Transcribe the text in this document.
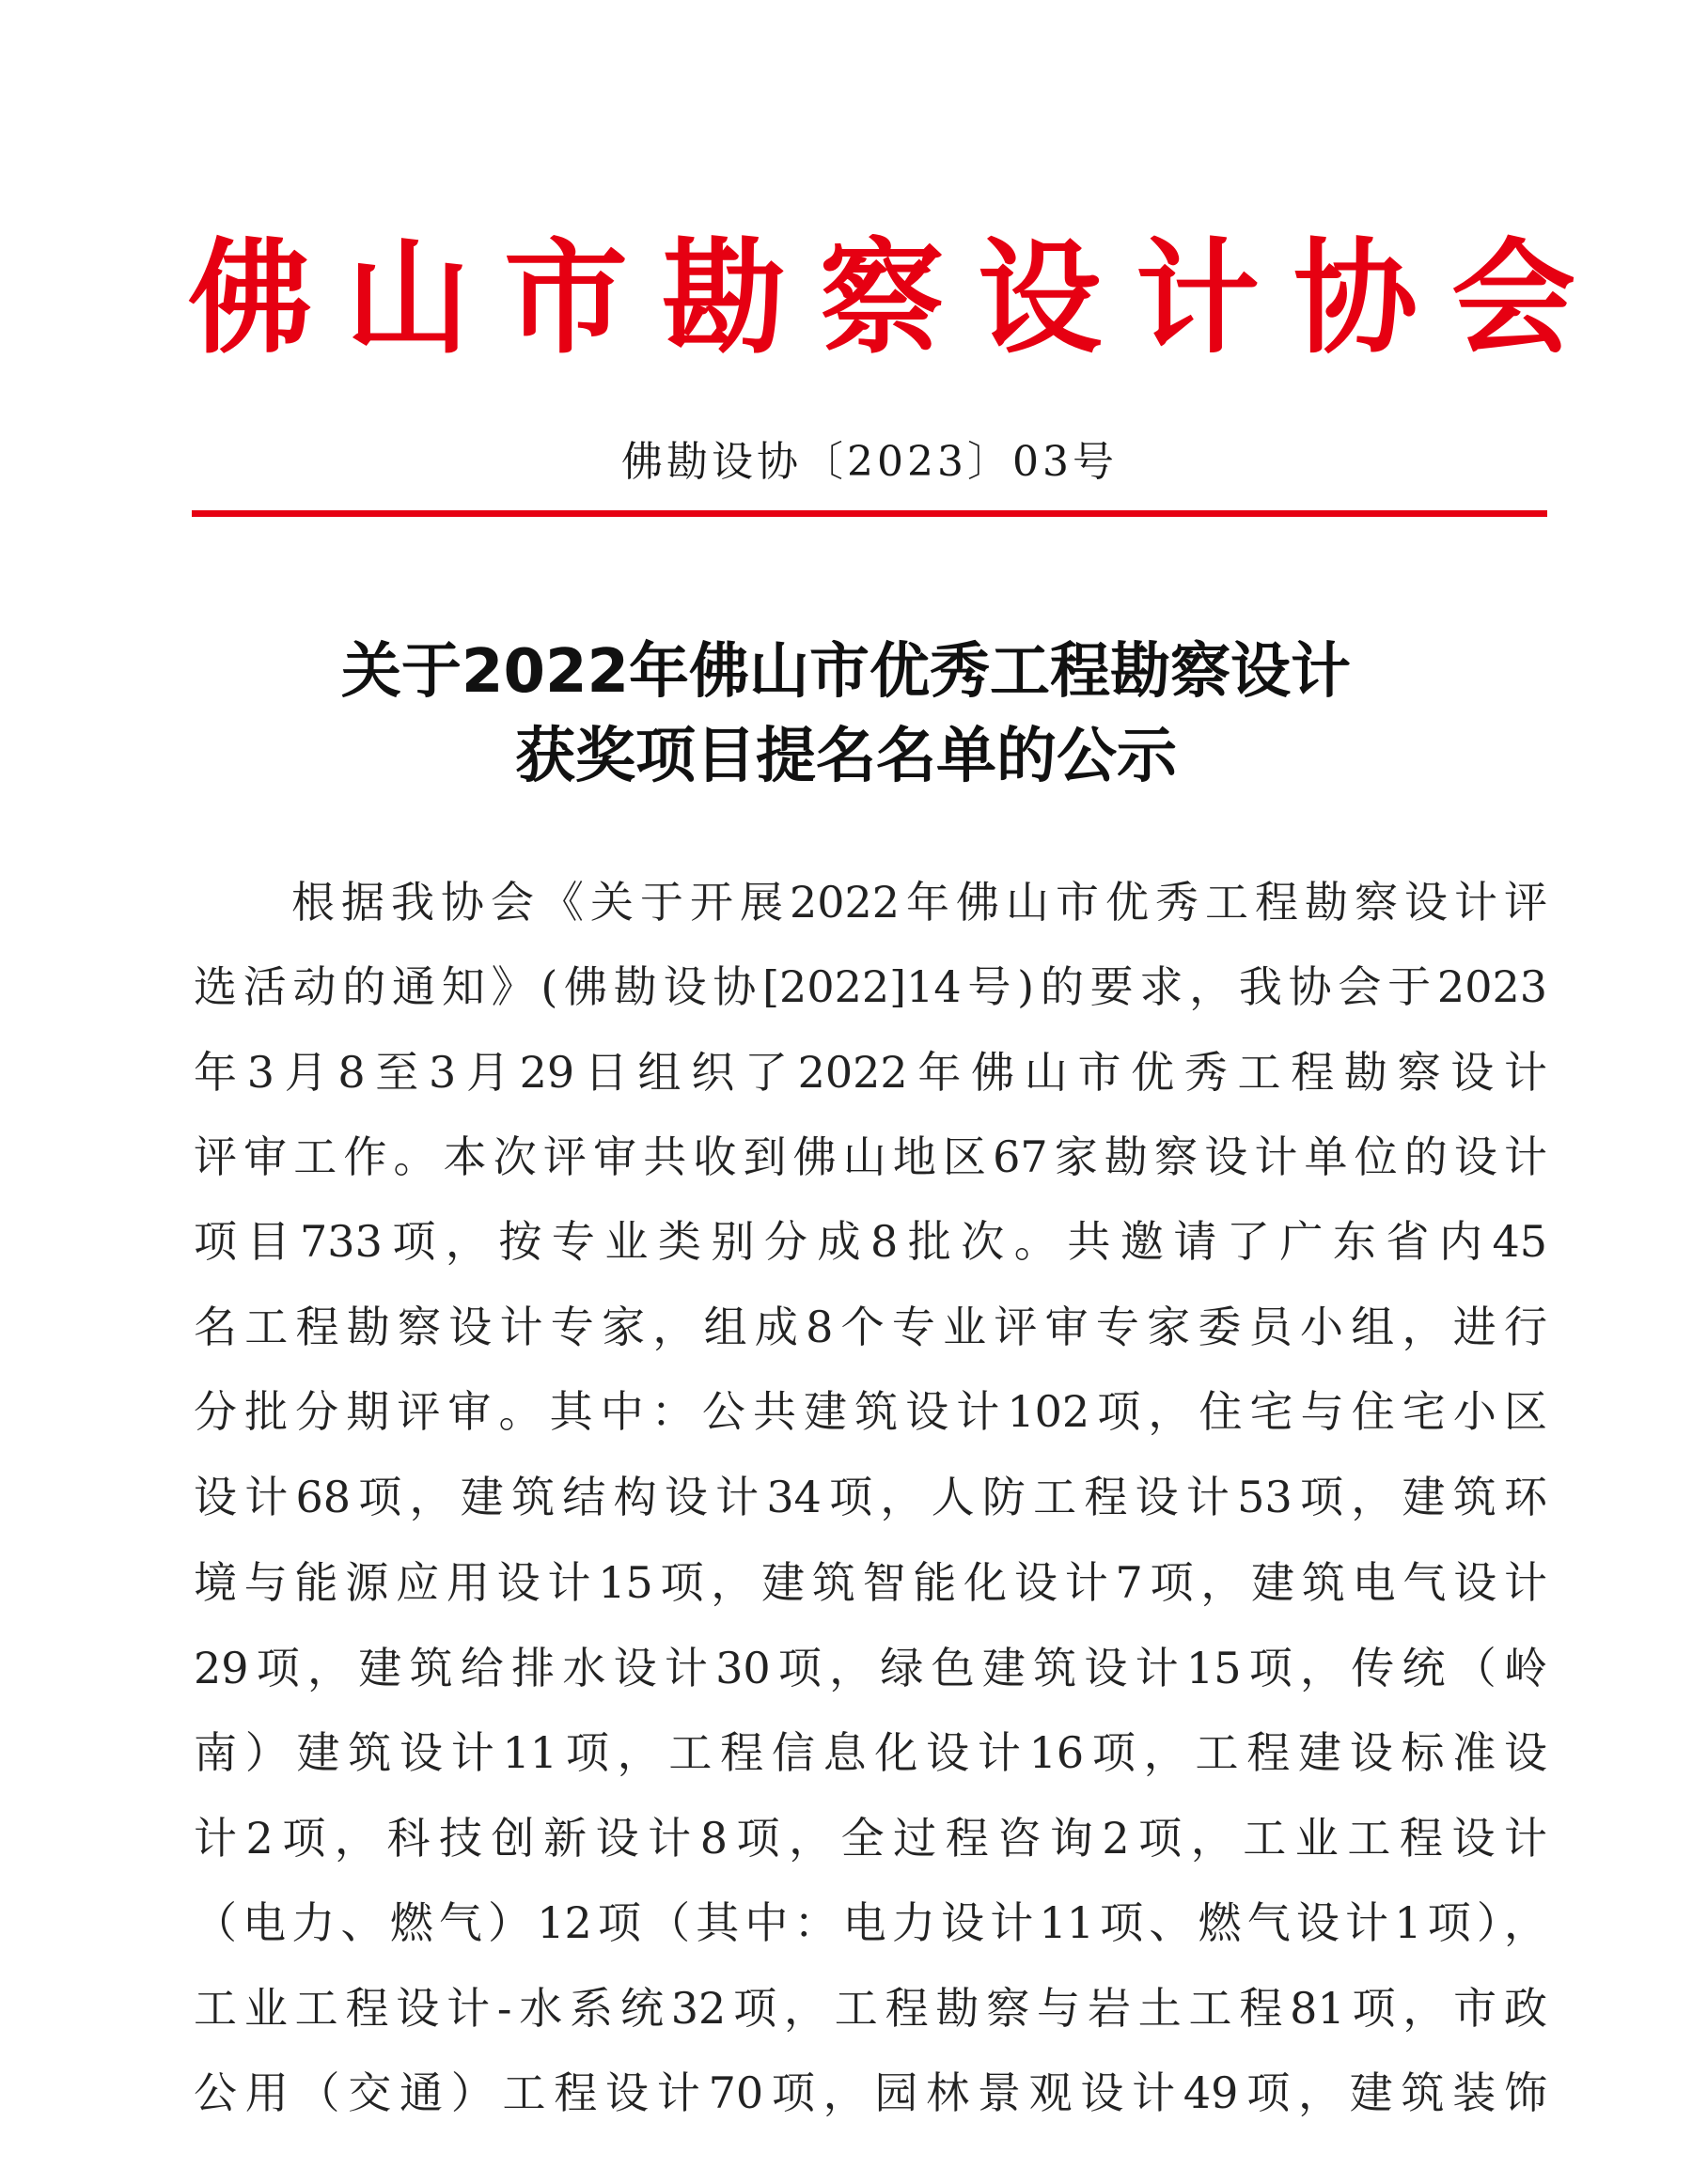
佛山市勘察设计协会
佛勘设协〔2023〕03号
关于2022年佛山市优秀工程勘察设计
获奖项目提名名单的公示
根据我协会《关于开展2022年佛山市优秀工程勘察设计评
选活动的通知》(佛勘设协[2022]14号)的要求，我协会于2023
年3月8至3月29日组织了2022年佛山市优秀工程勘察设计
评审工作。本次评审共收到佛山地区67家勘察设计单位的设计
项目733项，按专业类别分成8批次。共邀请了广东省内45
名工程勘察设计专家，组成8个专业评审专家委员小组，进行
分批分期评审。其中：公共建筑设计102项，住宅与住宅小区
设计68项，建筑结构设计34项，人防工程设计53项，建筑环
境与能源应用设计15项，建筑智能化设计7项，建筑电气设计
29项，建筑给排水设计30项，绿色建筑设计15项，传统（岭
南）建筑设计11项，工程信息化设计16项，工程建设标准设
计2项，科技创新设计8项，全过程咨询2项，工业工程设计
（电力、燃气）12项（其中：电力设计11项、燃气设计1项），
工业工程设计-水系统32项，工程勘察与岩土工程81项，市政
公用（交通）工程设计70项，园林景观设计49项，建筑装饰
